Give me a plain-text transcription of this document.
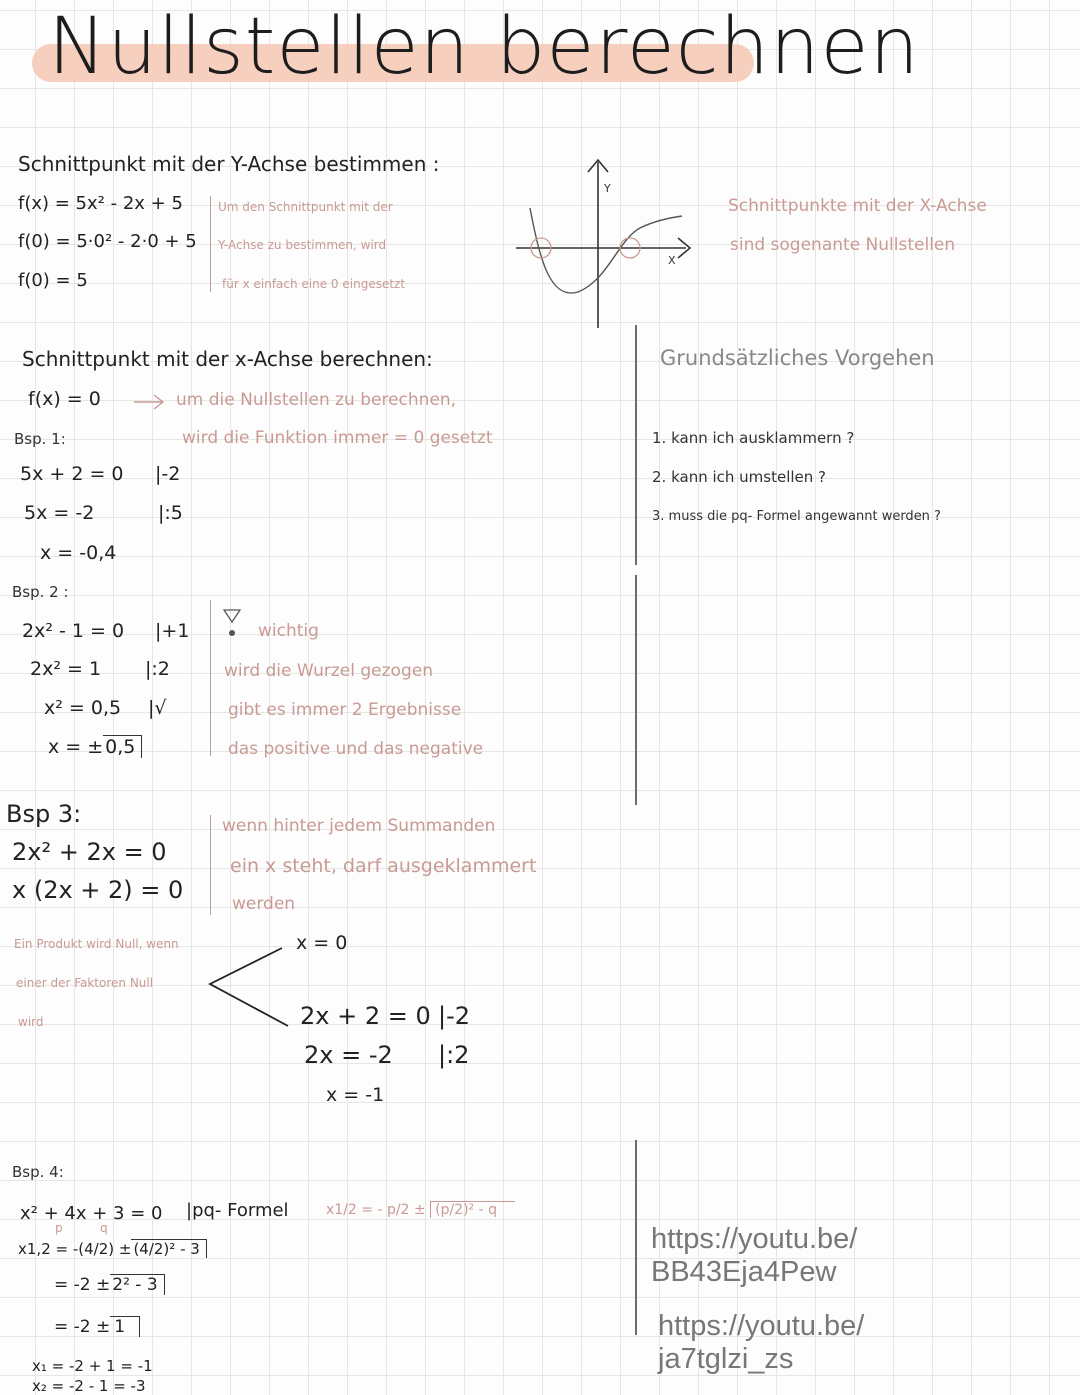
Nullstellen berechnen
Schnittpunkt mit der Y-Achse bestimmen :
f(x) = 5x² - 2x + 5
f(0) = 5·0² - 2·0 + 5
f(0) = 5
Um den Schnittpunkt mit der
Y-Achse zu bestimmen, wird
für x einfach eine 0 eingesetzt
Y
X
Schnittpunkte mit der X-Achse
sind sogenante Nullstellen
Schnittpunkt mit der x-Achse berechnen:
f(x) = 0	um die Nullstellen zu berechnen,
wird die Funktion immer = 0 gesetzt
Grundsätzliches Vorgehen
1. kann ich ausklammern ?
2. kann ich umstellen ?
3. muss die pq- Formel angewannt werden ?
Bsp. 1:
5x + 2 = 0 |-2
5x = -2	|:5
x = -0,4
Bsp. 2 :
2x² - 1 = 0 |+1
2x² = 1 |:2
x² = 0,5 |√
x = ± 0,5
wichtig
wird die Wurzel gezogen
gibt es immer 2 Ergebnisse
das positive und das negative
Bsp 3:
2x² + 2x = 0
x (2x + 2) = 0
wenn hinter jedem Summanden
ein x steht, darf ausgeklammert
werden
Ein Produkt wird Null, wenn
einer der Faktoren Null
wird
x = 0
2x + 2 = 0 |-2
2x = -2 |:2
x = -1
Bsp. 4:
x² + 4x + 3 = 0
p	q
|pq- Formel	x1/2 = - p/2 ± (p/2)² - q
x1,2 = -(4/2) ± (4/2)² - 3
= -2 ± 2² - 3
= -2 ± 1
x₁ = -2 + 1 = -1
x₂ = -2 - 1 = -3
https://youtu.be/
BB43Eja4Pew
https://youtu.be/
ja7tglzi_zs
